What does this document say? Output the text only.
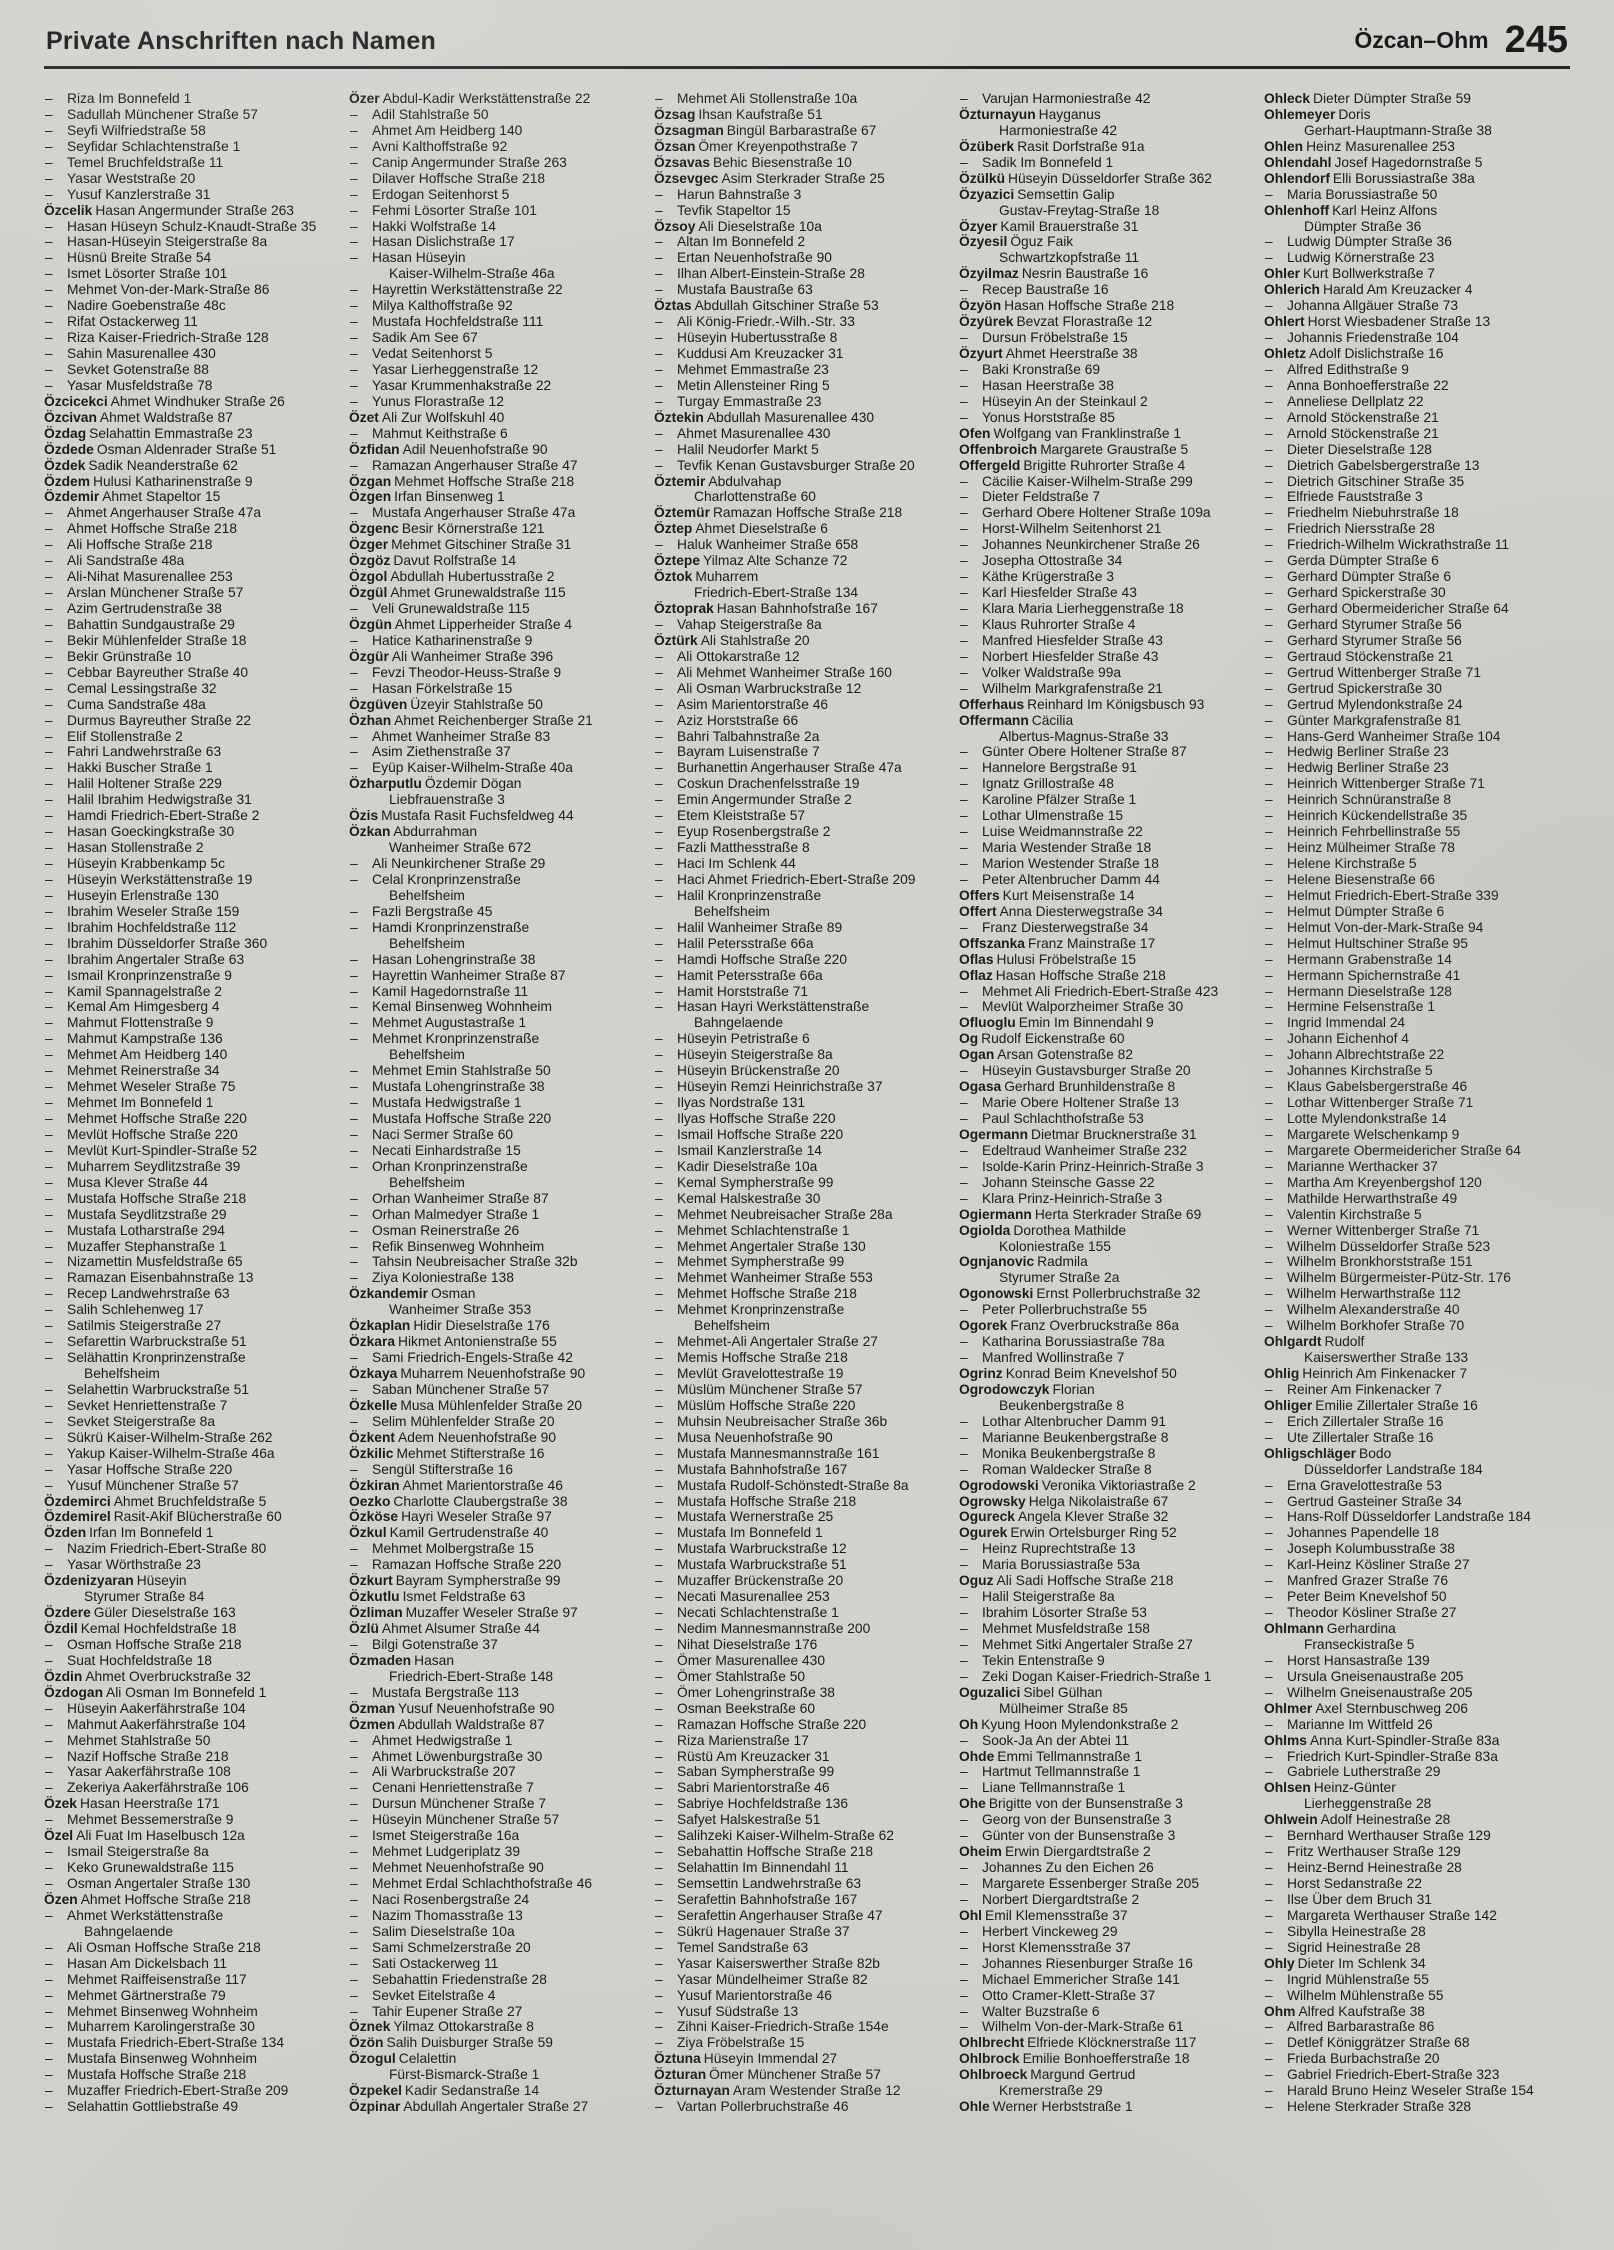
Private Anschriften nach Namen	Özcan–Ohm 245
– Riza Im Bonnefeld 1
– Sadullah Münchener Straße 57
– Seyfi Wilfriedstraße 58
– Seyfidar Schlachtenstraße 1
– Temel Bruchfeldstraße 11
– Yasar Weststraße 20
– Yusuf Kanzlerstraße 31
Özcelik Hasan Angermunder Straße 263
– Hasan Hüseyn Schulz-Knaudt-Straße 35
– Hasan-Hüseyin Steigerstraße 8a
– Hüsnü Breite Straße 54
– Ismet Lösorter Straße 101
– Mehmet Von-der-Mark-Straße 86
– Nadire Goebenstraße 48c
– Rifat Ostackerweg 11
– Riza Kaiser-Friedrich-Straße 128
– Sahin Masurenallee 430
– Sevket Gotenstraße 88
– Yasar Musfeldstraße 78
Özcicekci Ahmet Windhuker Straße 26
Özcivan Ahmet Waldstraße 87
Özdag Selahattin Emmastraße 23
Özdede Osman Aldenrader Straße 51
Özdek Sadik Neanderstraße 62
Özdem Hulusi Katharinenstraße 9
Özdemir Ahmet Stapeltor 15
– Ahmet Angerhauser Straße 47a
– Ahmet Hoffsche Straße 218
– Ali Hoffsche Straße 218
– Ali Sandstraße 48a
– Ali-Nihat Masurenallee 253
– Arslan Münchener Straße 57
– Azim Gertrudenstraße 38
– Bahattin Sundgaustraße 29
– Bekir Mühlenfelder Straße 18
– Bekir Grünstraße 10
– Cebbar Bayreuther Straße 40
– Cemal Lessingstraße 32
– Cuma Sandstraße 48a
– Durmus Bayreuther Straße 22
– Elif Stollenstraße 2
– Fahri Landwehrstraße 63
– Hakki Buscher Straße 1
– Halil Holtener Straße 229
– Halil Ibrahim Hedwigstraße 31
– Hamdi Friedrich-Ebert-Straße 2
– Hasan Goeckingkstraße 30
– Hasan Stollenstraße 2
– Hüseyin Krabbenkamp 5c
– Hüseyin Werkstättenstraße 19
– Huseyin Erlenstraße 130
– Ibrahim Weseler Straße 159
– Ibrahim Hochfeldstraße 112
– Ibrahim Düsseldorfer Straße 360
– Ibrahim Angertaler Straße 63
– Ismail Kronprinzenstraße 9
– Kamil Spannagelstraße 2
– Kemal Am Himgesberg 4
– Mahmut Flottenstraße 9
– Mahmut Kampstraße 136
– Mehmet Am Heidberg 140
– Mehmet Reinerstraße 34
– Mehmet Weseler Straße 75
– Mehmet Im Bonnefeld 1
– Mehmet Hoffsche Straße 220
– Mevlüt Hoffsche Straße 220
– Mevlüt Kurt-Spindler-Straße 52
– Muharrem Seydlitzstraße 39
– Musa Klever Straße 44
– Mustafa Hoffsche Straße 218
– Mustafa Seydlitzstraße 29
– Mustafa Lotharstraße 294
– Muzaffer Stephanstraße 1
– Nizamettin Musfeldstraße 65
– Ramazan Eisenbahnstraße 13
– Recep Landwehrstraße 63
– Salih Schlehenweg 17
– Satilmis Steigerstraße 27
– Sefarettin Warbruckstraße 51
– Selähattin Kronprinzenstraße
Behelfsheim
– Selahettin Warbruckstraße 51
– Sevket Henriettenstraße 7
– Sevket Steigerstraße 8a
– Sükrü Kaiser-Wilhelm-Straße 262
– Yakup Kaiser-Wilhelm-Straße 46a
– Yasar Hoffsche Straße 220
– Yusuf Münchener Straße 57
Özdemirci Ahmet Bruchfeldstraße 5
Özdemirel Rasit-Akif Blücherstraße 60
Özden Irfan Im Bonnefeld 1
– Nazim Friedrich-Ebert-Straße 80
– Yasar Wörthstraße 23
Özdenizyaran Hüseyin
Styrumer Straße 84
Özdere Güler Dieselstraße 163
Özdil Kemal Hochfeldstraße 18
– Osman Hoffsche Straße 218
– Suat Hochfeldstraße 18
Özdin Ahmet Overbruckstraße 32
Özdogan Ali Osman Im Bonnefeld 1
– Hüseyin Aakerfährstraße 104
– Mahmut Aakerfährstraße 104
– Mehmet Stahlstraße 50
– Nazif Hoffsche Straße 218
– Yasar Aakerfährstraße 108
– Zekeriya Aakerfährstraße 106
Özek Hasan Heerstraße 171
– Mehmet Bessemerstraße 9
Özel Ali Fuat Im Haselbusch 12a
– Ismail Steigerstraße 8a
– Keko Grunewaldstraße 115
– Osman Angertaler Straße 130
Özen Ahmet Hoffsche Straße 218
– Ahmet Werkstättenstraße
Bahngelaende
– Ali Osman Hoffsche Straße 218
– Hasan Am Dickelsbach 11
– Mehmet Raiffeisenstraße 117
– Mehmet Gärtnerstraße 79
– Mehmet Binsenweg Wohnheim
– Muharrem Karolingerstraße 30
– Mustafa Friedrich-Ebert-Straße 134
– Mustafa Binsenweg Wohnheim
– Mustafa Hoffsche Straße 218
– Muzaffer Friedrich-Ebert-Straße 209
– Selahattin Gottliebstraße 49
Özer Abdul-Kadir Werkstättenstraße 22
– Adil Stahlstraße 50
– Ahmet Am Heidberg 140
– Avni Kalthoffstraße 92
– Canip Angermunder Straße 263
– Dilaver Hoffsche Straße 218
– Erdogan Seitenhorst 5
– Fehmi Lösorter Straße 101
– Hakki Wolfstraße 14
– Hasan Dislichstraße 17
– Hasan Hüseyin
Kaiser-Wilhelm-Straße 46a
– Hayrettin Werkstättenstraße 22
– Milya Kalthoffstraße 92
– Mustafa Hochfeldstraße 111
– Sadik Am See 67
– Vedat Seitenhorst 5
– Yasar Lierheggenstraße 12
– Yasar Krummenhakstraße 22
– Yunus Florastraße 12
Özet Ali Zur Wolfskuhl 40
– Mahmut Keithstraße 6
Özfidan Adil Neuenhofstraße 90
– Ramazan Angerhauser Straße 47
Özgan Mehmet Hoffsche Straße 218
Özgen Irfan Binsenweg 1
– Mustafa Angerhauser Straße 47a
Özgenc Besir Körnerstraße 121
Özger Mehmet Gitschiner Straße 31
Özgöz Davut Rolfstraße 14
Özgol Abdullah Hubertusstraße 2
Özgül Ahmet Grunewaldstraße 115
– Veli Grunewaldstraße 115
Özgün Ahmet Lipperheider Straße 4
– Hatice Katharinenstraße 9
Özgür Ali Wanheimer Straße 396
– Fevzi Theodor-Heuss-Straße 9
– Hasan Förkelstraße 15
Özgüven Üzeyir Stahlstraße 50
Özhan Ahmet Reichenberger Straße 21
– Ahmet Wanheimer Straße 83
– Asim Ziethenstraße 37
– Eyüp Kaiser-Wilhelm-Straße 40a
Özharputlu Özdemir Dögan
Liebfrauenstraße 3
Özis Mustafa Rasit Fuchsfeldweg 44
Özkan Abdurrahman
Wanheimer Straße 672
– Ali Neunkirchener Straße 29
– Celal Kronprinzenstraße
Behelfsheim
– Fazli Bergstraße 45
– Hamdi Kronprinzenstraße
Behelfsheim
– Hasan Lohengrinstraße 38
– Hayrettin Wanheimer Straße 87
– Kamil Hagedornstraße 11
– Kemal Binsenweg Wohnheim
– Mehmet Augustastraße 1
– Mehmet Kronprinzenstraße
Behelfsheim
– Mehmet Emin Stahlstraße 50
– Mustafa Lohengrinstraße 38
– Mustafa Hedwigstraße 1
– Mustafa Hoffsche Straße 220
– Naci Sermer Straße 60
– Necati Einhardstraße 15
– Orhan Kronprinzenstraße
Behelfsheim
– Orhan Wanheimer Straße 87
– Orhan Malmedyer Straße 1
– Osman Reinerstraße 26
– Refik Binsenweg Wohnheim
– Tahsin Neubreisacher Straße 32b
– Ziya Koloniestraße 138
Özkandemir Osman
Wanheimer Straße 353
Özkaplan Hidir Dieselstraße 176
Özkara Hikmet Antonienstraße 55
– Sami Friedrich-Engels-Straße 42
Özkaya Muharrem Neuenhofstraße 90
– Saban Münchener Straße 57
Özkelle Musa Mühlenfelder Straße 20
– Selim Mühlenfelder Straße 20
Özkent Adem Neuenhofstraße 90
Özkilic Mehmet Stifterstraße 16
– Sengül Stifterstraße 16
Özkiran Ahmet Marientorstraße 46
Oezko Charlotte Claubergstraße 38
Özköse Hayri Weseler Straße 97
Özkul Kamil Gertrudenstraße 40
– Mehmet Molbergstraße 15
– Ramazan Hoffsche Straße 220
Özkurt Bayram Sympherstraße 99
Özkutlu Ismet Feldstraße 63
Özliman Muzaffer Weseler Straße 97
Özlü Ahmet Alsumer Straße 44
– Bilgi Gotenstraße 37
Özmaden Hasan
Friedrich-Ebert-Straße 148
– Mustafa Bergstraße 113
Özman Yusuf Neuenhofstraße 90
Özmen Abdullah Waldstraße 87
– Ahmet Hedwigstraße 1
– Ahmet Löwenburgstraße 30
– Ali Warbruckstraße 207
– Cenani Henriettenstraße 7
– Dursun Münchener Straße 7
– Hüseyin Münchener Straße 57
– Ismet Steigerstraße 16a
– Mehmet Ludgeriplatz 39
– Mehmet Neuenhofstraße 90
– Mehmet Erdal Schlachthofstraße 46
– Naci Rosenbergstraße 24
– Nazim Thomasstraße 13
– Salim Dieselstraße 10a
– Sami Schmelzerstraße 20
– Sati Ostackerweg 11
– Sebahattin Friedenstraße 28
– Sevket Eitelstraße 4
– Tahir Eupener Straße 27
Öznek Yilmaz Ottokarstraße 8
Özön Salih Duisburger Straße 59
Özogul Celalettin
Fürst-Bismarck-Straße 1
Özpekel Kadir Sedanstraße 14
Özpinar Abdullah Angertaler Straße 27
– Mehmet Ali Stollenstraße 10a
Özsag Ihsan Kaufstraße 51
Özsagman Bingül Barbarastraße 67
Özsan Ömer Kreyenpothstraße 7
Özsavas Behic Biesenstraße 10
Özsevgec Asim Sterkrader Straße 25
– Harun Bahnstraße 3
– Tevfik Stapeltor 15
Özsoy Ali Dieselstraße 10a
– Altan Im Bonnefeld 2
– Ertan Neuenhofstraße 90
– Ilhan Albert-Einstein-Straße 28
– Mustafa Baustraße 63
Öztas Abdullah Gitschiner Straße 53
– Ali König-Friedr.-Wilh.-Str. 33
– Hüseyin Hubertusstraße 8
– Kuddusi Am Kreuzacker 31
– Mehmet Emmastraße 23
– Metin Allensteiner Ring 5
– Turgay Emmastraße 23
Öztekin Abdullah Masurenallee 430
– Ahmet Masurenallee 430
– Halil Neudorfer Markt 5
– Tevfik Kenan Gustavsburger Straße 20
Öztemir Abdulvahap
Charlottenstraße 60
Öztemür Ramazan Hoffsche Straße 218
Öztep Ahmet Dieselstraße 6
– Haluk Wanheimer Straße 658
Öztepe Yilmaz Alte Schanze 72
Öztok Muharrem
Friedrich-Ebert-Straße 134
Öztoprak Hasan Bahnhofstraße 167
– Vahap Steigerstraße 8a
Öztürk Ali Stahlstraße 20
– Ali Ottokarstraße 12
– Ali Mehmet Wanheimer Straße 160
– Ali Osman Warbruckstraße 12
– Asim Marientorstraße 46
– Aziz Horststraße 66
– Bahri Talbahnstraße 2a
– Bayram Luisenstraße 7
– Burhanettin Angerhauser Straße 47a
– Coskun Drachenfelsstraße 19
– Emin Angermunder Straße 2
– Etem Kleiststraße 57
– Eyup Rosenbergstraße 2
– Fazli Matthesstraße 8
– Haci Im Schlenk 44
– Haci Ahmet Friedrich-Ebert-Straße 209
– Halil Kronprinzenstraße
Behelfsheim
– Halil Wanheimer Straße 89
– Halil Petersstraße 66a
– Hamdi Hoffsche Straße 220
– Hamit Petersstraße 66a
– Hamit Horststraße 71
– Hasan Hayri Werkstättenstraße
Bahngelaende
– Hüseyin Petristraße 6
– Hüseyin Steigerstraße 8a
– Hüseyin Brückenstraße 20
– Hüseyin Remzi Heinrichstraße 37
– Ilyas Nordstraße 131
– Ilyas Hoffsche Straße 220
– Ismail Hoffsche Straße 220
– Ismail Kanzlerstraße 14
– Kadir Dieselstraße 10a
– Kemal Sympherstraße 99
– Kemal Halskestraße 30
– Mehmet Neubreisacher Straße 28a
– Mehmet Schlachtenstraße 1
– Mehmet Angertaler Straße 130
– Mehmet Sympherstraße 99
– Mehmet Wanheimer Straße 553
– Mehmet Hoffsche Straße 218
– Mehmet Kronprinzenstraße
Behelfsheim
– Mehmet-Ali Angertaler Straße 27
– Memis Hoffsche Straße 218
– Mevlüt Gravelottestraße 19
– Müslüm Münchener Straße 57
– Müslüm Hoffsche Straße 220
– Muhsin Neubreisacher Straße 36b
– Musa Neuenhofstraße 90
– Mustafa Mannesmannstraße 161
– Mustafa Bahnhofstraße 167
– Mustafa Rudolf-Schönstedt-Straße 8a
– Mustafa Hoffsche Straße 218
– Mustafa Wernerstraße 25
– Mustafa Im Bonnefeld 1
– Mustafa Warbruckstraße 12
– Mustafa Warbruckstraße 51
– Muzaffer Brückenstraße 20
– Necati Masurenallee 253
– Necati Schlachtenstraße 1
– Nedim Mannesmannstraße 200
– Nihat Dieselstraße 176
– Ömer Masurenallee 430
– Ömer Stahlstraße 50
– Ömer Lohengrinstraße 38
– Osman Beekstraße 60
– Ramazan Hoffsche Straße 220
– Riza Marienstraße 17
– Rüstü Am Kreuzacker 31
– Saban Sympherstraße 99
– Sabri Marientorstraße 46
– Sabriye Hochfeldstraße 136
– Safyet Halskestraße 51
– Salihzeki Kaiser-Wilhelm-Straße 62
– Sebahattin Hoffsche Straße 218
– Selahattin Im Binnendahl 11
– Semsettin Landwehrstraße 63
– Serafettin Bahnhofstraße 167
– Serafettin Angerhauser Straße 47
– Sükrü Hagenauer Straße 37
– Temel Sandstraße 63
– Yasar Kaiserswerther Straße 82b
– Yasar Mündelheimer Straße 82
– Yusuf Marientorstraße 46
– Yusuf Südstraße 13
– Zihni Kaiser-Friedrich-Straße 154e
– Ziya Fröbelstraße 15
Öztuna Hüseyin Immendal 27
Özturan Ömer Münchener Straße 57
Özturnayan Aram Westender Straße 12
– Vartan Pollerbruchstraße 46
– Varujan Harmoniestraße 42
Özturnayun Hayganus
Harmoniestraße 42
Özüberk Rasit Dorfstraße 91a
– Sadik Im Bonnefeld 1
Özülkü Hüseyin Düsseldorfer Straße 362
Özyazici Semsettin Galip
Gustav-Freytag-Straße 18
Özyer Kamil Brauerstraße 31
Özyesil Öguz Faik
Schwartzkopfstraße 11
Özyilmaz Nesrin Baustraße 16
– Recep Baustraße 16
Özyön Hasan Hoffsche Straße 218
Özyürek Bevzat Florastraße 12
– Dursun Fröbelstraße 15
Özyurt Ahmet Heerstraße 38
– Baki Kronstraße 69
– Hasan Heerstraße 38
– Hüseyin An der Steinkaul 2
– Yonus Horststraße 85
Ofen Wolfgang van Franklinstraße 1
Offenbroich Margarete Graustraße 5
Offergeld Brigitte Ruhrorter Straße 4
– Cäcilie Kaiser-Wilhelm-Straße 299
– Dieter Feldstraße 7
– Gerhard Obere Holtener Straße 109a
– Horst-Wilhelm Seitenhorst 21
– Johannes Neunkirchener Straße 26
– Josepha Ottostraße 34
– Käthe Krügerstraße 3
– Karl Hiesfelder Straße 43
– Klara Maria Lierheggenstraße 18
– Klaus Ruhrorter Straße 4
– Manfred Hiesfelder Straße 43
– Norbert Hiesfelder Straße 43
– Volker Waldstraße 99a
– Wilhelm Markgrafenstraße 21
Offerhaus Reinhard Im Königsbusch 93
Offermann Cäcilia
Albertus-Magnus-Straße 33
– Günter Obere Holtener Straße 87
– Hannelore Bergstraße 91
– Ignatz Grillostraße 48
– Karoline Pfälzer Straße 1
– Lothar Ulmenstraße 15
– Luise Weidmannstraße 22
– Maria Westender Straße 18
– Marion Westender Straße 18
– Peter Altenbrucher Damm 44
Offers Kurt Meisenstraße 14
Offert Anna Diesterwegstraße 34
– Franz Diesterwegstraße 34
Offszanka Franz Mainstraße 17
Oflas Hulusi Fröbelstraße 15
Oflaz Hasan Hoffsche Straße 218
– Mehmet Ali Friedrich-Ebert-Straße 423
– Mevlüt Walporzheimer Straße 30
Ofluoglu Emin Im Binnendahl 9
Og Rudolf Eickenstraße 60
Ogan Arsan Gotenstraße 82
– Hüseyin Gustavsburger Straße 20
Ogasa Gerhard Brunhildenstraße 8
– Marie Obere Holtener Straße 13
– Paul Schlachthofstraße 53
Ogermann Dietmar Brucknerstraße 31
– Edeltraud Wanheimer Straße 232
– Isolde-Karin Prinz-Heinrich-Straße 3
– Johann Steinsche Gasse 22
– Klara Prinz-Heinrich-Straße 3
Ogiermann Herta Sterkrader Straße 69
Ogiolda Dorothea Mathilde
Koloniestraße 155
Ognjanovic Radmila
Styrumer Straße 2a
Ogonowski Ernst Pollerbruchstraße 32
– Peter Pollerbruchstraße 55
Ogorek Franz Overbruckstraße 86a
– Katharina Borussiastraße 78a
– Manfred Wollinstraße 7
Ogrinz Konrad Beim Knevelshof 50
Ogrodowczyk Florian
Beukenbergstraße 8
– Lothar Altenbrucher Damm 91
– Marianne Beukenbergstraße 8
– Monika Beukenbergstraße 8
– Roman Waldecker Straße 8
Ogrodowski Veronika Viktoriastraße 2
Ogrowsky Helga Nikolaistraße 67
Ogureck Angela Klever Straße 32
Ogurek Erwin Ortelsburger Ring 52
– Heinz Ruprechtstraße 13
– Maria Borussiastraße 53a
Oguz Ali Sadi Hoffsche Straße 218
– Halil Steigerstraße 8a
– Ibrahim Lösorter Straße 53
– Mehmet Musfeldstraße 158
– Mehmet Sitki Angertaler Straße 27
– Tekin Entenstraße 9
– Zeki Dogan Kaiser-Friedrich-Straße 1
Oguzalici Sibel Gülhan
Mülheimer Straße 85
Oh Kyung Hoon Mylendonkstraße 2
– Sook-Ja An der Abtei 11
Ohde Emmi Tellmannstraße 1
– Hartmut Tellmannstraße 1
– Liane Tellmannstraße 1
Ohe Brigitte von der Bunsenstraße 3
– Georg von der Bunsenstraße 3
– Günter von der Bunsenstraße 3
Oheim Erwin Diergardtstraße 2
– Johannes Zu den Eichen 26
– Margarete Essenberger Straße 205
– Norbert Diergardtstraße 2
Ohl Emil Klemensstraße 37
– Herbert Vinckeweg 29
– Horst Klemensstraße 37
– Johannes Riesenburger Straße 16
– Michael Emmericher Straße 141
– Otto Cramer-Klett-Straße 37
– Walter Buzstraße 6
– Wilhelm Von-der-Mark-Straße 61
Ohlbrecht Elfriede Klöcknerstraße 117
Ohlbrock Emilie Bonhoefferstraße 18
Ohlbroeck Margund Gertrud
Kremerstraße 29
Ohle Werner Herbststraße 1
Ohleck Dieter Dümpter Straße 59
Ohlemeyer Doris
Gerhart-Hauptmann-Straße 38
Ohlen Heinz Masurenallee 253
Ohlendahl Josef Hagedornstraße 5
Ohlendorf Elli Borussiastraße 38a
– Maria Borussiastraße 50
Ohlenhoff Karl Heinz Alfons
Dümpter Straße 36
– Ludwig Dümpter Straße 36
– Ludwig Körnerstraße 23
Ohler Kurt Bollwerkstraße 7
Ohlerich Harald Am Kreuzacker 4
– Johanna Allgäuer Straße 73
Ohlert Horst Wiesbadener Straße 13
– Johannis Friedenstraße 104
Ohletz Adolf Dislichstraße 16
– Alfred Edithstraße 9
– Anna Bonhoefferstraße 22
– Anneliese Dellplatz 22
– Arnold Stöckenstraße 21
– Arnold Stöckenstraße 21
– Dieter Dieselstraße 128
– Dietrich Gabelsbergerstraße 13
– Dietrich Gitschiner Straße 35
– Elfriede Fauststraße 3
– Friedhelm Niebuhrstraße 18
– Friedrich Niersstraße 28
– Friedrich-Wilhelm Wickrathstraße 11
– Gerda Dümpter Straße 6
– Gerhard Dümpter Straße 6
– Gerhard Spickerstraße 30
– Gerhard Obermeidericher Straße 64
– Gerhard Styrumer Straße 56
– Gerhard Styrumer Straße 56
– Gertraud Stöckenstraße 21
– Gertrud Wittenberger Straße 71
– Gertrud Spickerstraße 30
– Gertrud Mylendonkstraße 24
– Günter Markgrafenstraße 81
– Hans-Gerd Wanheimer Straße 104
– Hedwig Berliner Straße 23
– Hedwig Berliner Straße 23
– Heinrich Wittenberger Straße 71
– Heinrich Schnüranstraße 8
– Heinrich Kückendellstraße 35
– Heinrich Fehrbellinstraße 55
– Heinz Mülheimer Straße 78
– Helene Kirchstraße 5
– Helene Biesenstraße 66
– Helmut Friedrich-Ebert-Straße 339
– Helmut Dümpter Straße 6
– Helmut Von-der-Mark-Straße 94
– Helmut Hultschiner Straße 95
– Hermann Grabenstraße 14
– Hermann Spichernstraße 41
– Hermann Dieselstraße 128
– Hermine Felsenstraße 1
– Ingrid Immendal 24
– Johann Eichenhof 4
– Johann Albrechtstraße 22
– Johannes Kirchstraße 5
– Klaus Gabelsbergerstraße 46
– Lothar Wittenberger Straße 71
– Lotte Mylendonkstraße 14
– Margarete Welschenkamp 9
– Margarete Obermeidericher Straße 64
– Marianne Werthacker 37
– Martha Am Kreyenbergshof 120
– Mathilde Herwarthstraße 49
– Valentin Kirchstraße 5
– Werner Wittenberger Straße 71
– Wilhelm Düsseldorfer Straße 523
– Wilhelm Bronkhorststraße 151
– Wilhelm Bürgermeister-Pütz-Str. 176
– Wilhelm Herwarthstraße 112
– Wilhelm Alexanderstraße 40
– Wilhelm Borkhofer Straße 70
Ohlgardt Rudolf
Kaiserswerther Straße 133
Ohlig Heinrich Am Finkenacker 7
– Reiner Am Finkenacker 7
Ohliger Emilie Zillertaler Straße 16
– Erich Zillertaler Straße 16
– Ute Zillertaler Straße 16
Ohligschläger Bodo
Düsseldorfer Landstraße 184
– Erna Gravelottestraße 53
– Gertrud Gasteiner Straße 34
– Hans-Rolf Düsseldorfer Landstraße 184
– Johannes Papendelle 18
– Joseph Kolumbusstraße 38
– Karl-Heinz Kösliner Straße 27
– Manfred Grazer Straße 76
– Peter Beim Knevelshof 50
– Theodor Kösliner Straße 27
Ohlmann Gerhardina
Franseckistraße 5
– Horst Hansastraße 139
– Ursula Gneisenaustraße 205
– Wilhelm Gneisenaustraße 205
Ohlmer Axel Sternbuschweg 206
– Marianne Im Wittfeld 26
Ohlms Anna Kurt-Spindler-Straße 83a
– Friedrich Kurt-Spindler-Straße 83a
– Gabriele Lutherstraße 29
Ohlsen Heinz-Günter
Lierheggenstraße 28
Ohlwein Adolf Heinestraße 28
– Bernhard Werthauser Straße 129
– Fritz Werthauser Straße 129
– Heinz-Bernd Heinestraße 28
– Horst Sedanstraße 22
– Ilse Über dem Bruch 31
– Margareta Werthauser Straße 142
– Sibylla Heinestraße 28
– Sigrid Heinestraße 28
Ohly Dieter Im Schlenk 34
– Ingrid Mühlenstraße 55
– Wilhelm Mühlenstraße 55
Ohm Alfred Kaufstraße 38
– Alfred Barbarastraße 86
– Detlef Königgrätzer Straße 68
– Frieda Burbachstraße 20
– Gabriel Friedrich-Ebert-Straße 323
– Harald Bruno Heinz Weseler Straße 154
– Helene Sterkrader Straße 328
